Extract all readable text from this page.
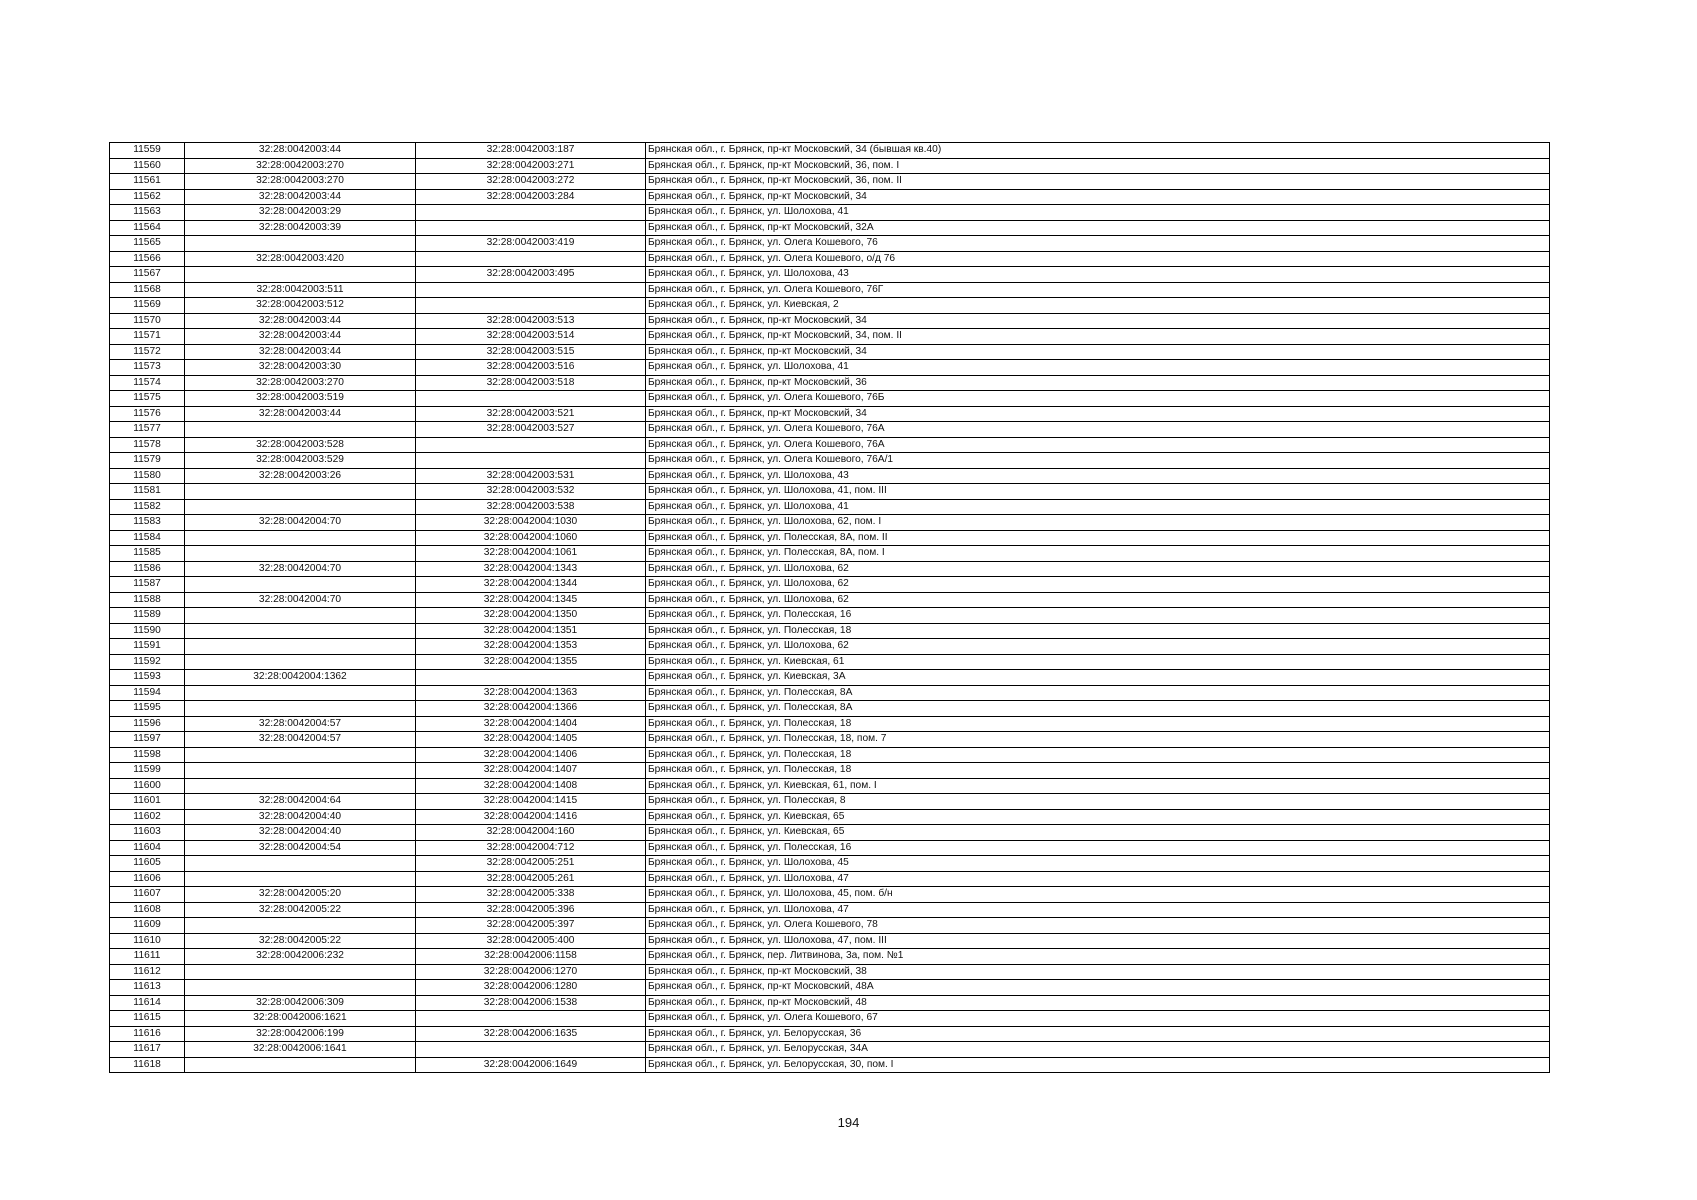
11559	32:28:0042003:44	32:28:0042003:187	Брянская обл., г. Брянск, пр-кт Московский, 34 (бывшая кв.40)
11560	32:28:0042003:270	32:28:0042003:271	Брянская обл., г. Брянск, пр-кт Московский, 36, пом. I
11561	32:28:0042003:270	32:28:0042003:272	Брянская обл., г. Брянск, пр-кт Московский, 36, пом. II
11562	32:28:0042003:44	32:28:0042003:284	Брянская обл., г. Брянск, пр-кт Московский, 34
11563	32:28:0042003:29		Брянская обл., г. Брянск, ул. Шолохова, 41
11564	32:28:0042003:39		Брянская обл., г. Брянск, пр-кт Московский, 32А
11565		32:28:0042003:419	Брянская обл., г. Брянск, ул. Олега Кошевого, 76
11566	32:28:0042003:420		Брянская обл., г. Брянск, ул. Олега Кошевого, о/д 76
11567		32:28:0042003:495	Брянская обл., г. Брянск, ул. Шолохова, 43
11568	32:28:0042003:511		Брянская обл., г. Брянск, ул. Олега Кошевого, 76Г
11569	32:28:0042003:512		Брянская обл., г. Брянск, ул. Киевская, 2
11570	32:28:0042003:44	32:28:0042003:513	Брянская обл., г. Брянск, пр-кт Московский, 34
11571	32:28:0042003:44	32:28:0042003:514	Брянская обл., г. Брянск, пр-кт Московский, 34, пом. II
11572	32:28:0042003:44	32:28:0042003:515	Брянская обл., г. Брянск, пр-кт Московский, 34
11573	32:28:0042003:30	32:28:0042003:516	Брянская обл., г. Брянск, ул. Шолохова, 41
11574	32:28:0042003:270	32:28:0042003:518	Брянская обл., г. Брянск, пр-кт Московский, 36
11575	32:28:0042003:519		Брянская обл., г. Брянск, ул. Олега Кошевого, 76Б
11576	32:28:0042003:44	32:28:0042003:521	Брянская обл., г. Брянск, пр-кт Московский, 34
11577		32:28:0042003:527	Брянская обл., г. Брянск, ул. Олега Кошевого, 76А
11578	32:28:0042003:528		Брянская обл., г. Брянск, ул. Олега Кошевого, 76А
11579	32:28:0042003:529		Брянская обл., г. Брянск, ул. Олега Кошевого, 76А/1
11580	32:28:0042003:26	32:28:0042003:531	Брянская обл., г. Брянск, ул. Шолохова, 43
11581		32:28:0042003:532	Брянская обл., г. Брянск, ул. Шолохова, 41, пом. III
11582		32:28:0042003:538	Брянская обл., г. Брянск, ул. Шолохова, 41
11583	32:28:0042004:70	32:28:0042004:1030	Брянская обл., г. Брянск, ул. Шолохова, 62, пом. I
11584		32:28:0042004:1060	Брянская обл., г. Брянск, ул. Полесская, 8А, пом. II
11585		32:28:0042004:1061	Брянская обл., г. Брянск, ул. Полесская, 8А, пом. I
11586	32:28:0042004:70	32:28:0042004:1343	Брянская обл., г. Брянск, ул. Шолохова, 62
11587		32:28:0042004:1344	Брянская обл., г. Брянск, ул. Шолохова, 62
11588	32:28:0042004:70	32:28:0042004:1345	Брянская обл., г. Брянск, ул. Шолохова, 62
11589		32:28:0042004:1350	Брянская обл., г. Брянск, ул. Полесская, 16
11590		32:28:0042004:1351	Брянская обл., г. Брянск, ул. Полесская, 18
11591		32:28:0042004:1353	Брянская обл., г. Брянск, ул. Шолохова, 62
11592		32:28:0042004:1355	Брянская обл., г. Брянск, ул. Киевская, 61
11593	32:28:0042004:1362		Брянская обл., г. Брянск, ул. Киевская, 3А
11594		32:28:0042004:1363	Брянская обл., г. Брянск, ул. Полесская, 8А
11595		32:28:0042004:1366	Брянская обл., г. Брянск, ул. Полесская, 8А
11596	32:28:0042004:57	32:28:0042004:1404	Брянская обл., г. Брянск, ул. Полесская, 18
11597	32:28:0042004:57	32:28:0042004:1405	Брянская обл., г. Брянск, ул. Полесская, 18, пом. 7
11598		32:28:0042004:1406	Брянская обл., г. Брянск, ул. Полесская, 18
11599		32:28:0042004:1407	Брянская обл., г. Брянск, ул. Полесская, 18
11600		32:28:0042004:1408	Брянская обл., г. Брянск, ул. Киевская, 61, пом. I
11601	32:28:0042004:64	32:28:0042004:1415	Брянская обл., г. Брянск, ул. Полесская, 8
11602	32:28:0042004:40	32:28:0042004:1416	Брянская обл., г. Брянск, ул. Киевская, 65
11603	32:28:0042004:40	32:28:0042004:160	Брянская обл., г. Брянск, ул. Киевская, 65
11604	32:28:0042004:54	32:28:0042004:712	Брянская обл., г. Брянск, ул. Полесская, 16
11605		32:28:0042005:251	Брянская обл., г. Брянск, ул. Шолохова, 45
11606		32:28:0042005:261	Брянская обл., г. Брянск, ул. Шолохова, 47
11607	32:28:0042005:20	32:28:0042005:338	Брянская обл., г. Брянск, ул. Шолохова, 45, пом. б/н
11608	32:28:0042005:22	32:28:0042005:396	Брянская обл., г. Брянск, ул. Шолохова, 47
11609		32:28:0042005:397	Брянская обл., г. Брянск, ул. Олега Кошевого, 78
11610	32:28:0042005:22	32:28:0042005:400	Брянская обл., г. Брянск, ул. Шолохова, 47, пом. III
11611	32:28:0042006:232	32:28:0042006:1158	Брянская обл., г. Брянск, пер. Литвинова, 3а, пом. №1
11612		32:28:0042006:1270	Брянская обл., г. Брянск, пр-кт Московский, 38
11613		32:28:0042006:1280	Брянская обл., г. Брянск, пр-кт Московский, 48А
11614	32:28:0042006:309	32:28:0042006:1538	Брянская обл., г. Брянск, пр-кт Московский, 48
11615	32:28:0042006:1621		Брянская обл., г. Брянск, ул. Олега Кошевого, 67
11616	32:28:0042006:199	32:28:0042006:1635	Брянская обл., г. Брянск, ул. Белорусская, 36
11617	32:28:0042006:1641		Брянская обл., г. Брянск, ул. Белорусская, 34А
11618		32:28:0042006:1649	Брянская обл., г. Брянск, ул. Белорусская, 30, пом. I
194
